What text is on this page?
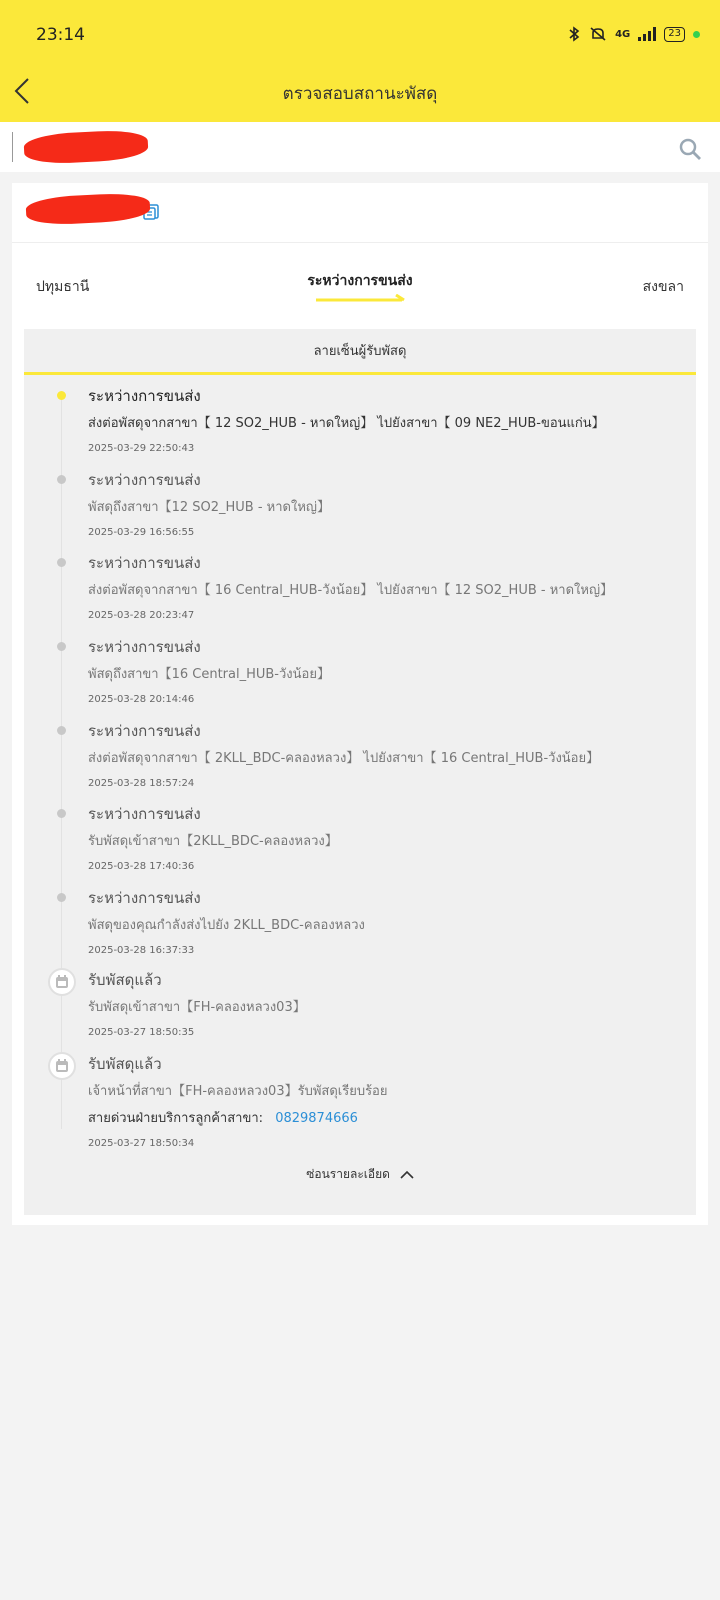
23:14	4G	23
ตรวจสอบสถานะพัสดุ
ปทุมธานี	ระหว่างการขนส่ง	สงขลา
ลายเซ็นผู้รับพัสดุ
ระหว่างการขนส่ง
ส่งต่อพัสดุจากสาขา【 12 SO2_HUB - หาดใหญ่】 ไปยังสาขา【 09 NE2_HUB-ขอนแก่น】
2025-03-29 22:50:43
ระหว่างการขนส่ง
พัสดุถึงสาขา【12 SO2_HUB - หาดใหญ่】
2025-03-29 16:56:55
ระหว่างการขนส่ง
ส่งต่อพัสดุจากสาขา【 16 Central_HUB-วังน้อย】 ไปยังสาขา【 12 SO2_HUB - หาดใหญ่】
2025-03-28 20:23:47
ระหว่างการขนส่ง
พัสดุถึงสาขา【16 Central_HUB-วังน้อย】
2025-03-28 20:14:46
ระหว่างการขนส่ง
ส่งต่อพัสดุจากสาขา【 2KLL_BDC-คลองหลวง】 ไปยังสาขา【 16 Central_HUB-วังน้อย】
2025-03-28 18:57:24
ระหว่างการขนส่ง
รับพัสดุเข้าสาขา【2KLL_BDC-คลองหลวง】
2025-03-28 17:40:36
ระหว่างการขนส่ง
พัสดุของคุณกำลังส่งไปยัง 2KLL_BDC-คลองหลวง
2025-03-28 16:37:33
รับพัสดุแล้ว
รับพัสดุเข้าสาขา【FH-คลองหลวง03】
2025-03-27 18:50:35
รับพัสดุแล้ว
เจ้าหน้าที่สาขา【FH-คลองหลวง03】รับพัสดุเรียบร้อย
สายด่วนฝ่ายบริการลูกค้าสาขา: 0829874666
2025-03-27 18:50:34
ซ่อนรายละเอียด
